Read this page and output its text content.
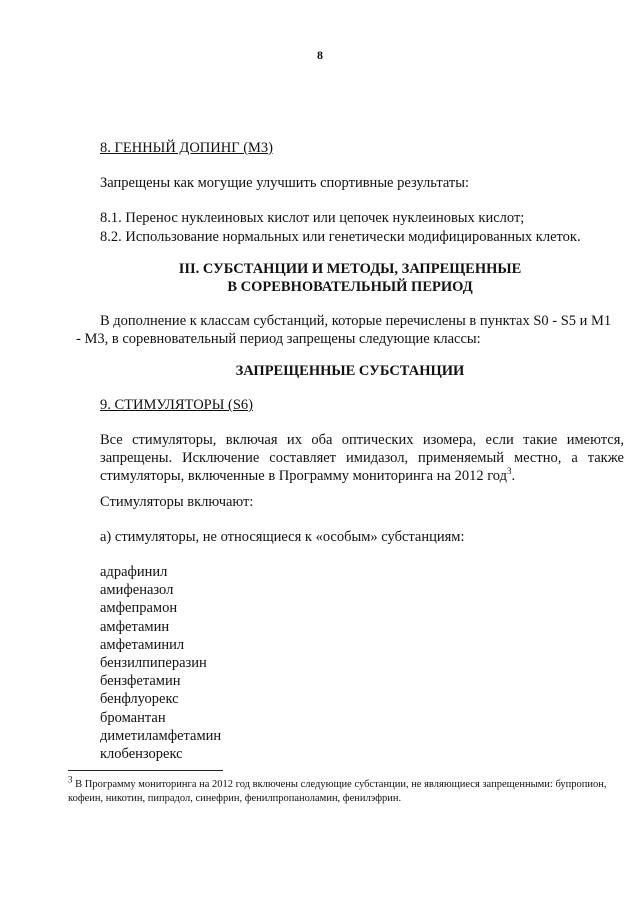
8
8. ГЕННЫЙ ДОПИНГ (М3)
Запрещены как могущие улучшить спортивные результаты:
8.1. Перенос нуклеиновых кислот или цепочек нуклеиновых кислот;
8.2. Использование нормальных или генетически модифицированных клеток.
III. СУБСТАНЦИИ И МЕТОДЫ, ЗАПРЕЩЕННЫЕ
В СОРЕВНОВАТЕЛЬНЫЙ ПЕРИОД
В дополнение к классам субстанций, которые перечислены в пунктах S0 - S5 и М1
- М3, в соревновательный период запрещены следующие классы:
ЗАПРЕЩЕННЫЕ СУБСТАНЦИИ
9. СТИМУЛЯТОРЫ (S6)
Все стимуляторы, включая их оба оптических изомера, если такие имеются, запрещены. Исключение составляет имидазол, применяемый местно, а также стимуляторы, включенные в Программу мониторинга на 2012 год$^3$.
Стимуляторы включают:
а) стимуляторы, не относящиеся к «особым» субстанциям:
адрафинил
амифеназол
амфепрамон
амфетамин
амфетаминил
бензилпиперазин
бензфетамин
бенфлуорекс
бромантан
диметиламфетамин
клобензорекс
$^3$ В Программу мониторинга на 2012 год включены следующие субстанции, не являющиеся запрещенными: бупропион, кофеин, никотин, пипрадол, синефрин, фенилпропаноламин, фенилэфрин.
